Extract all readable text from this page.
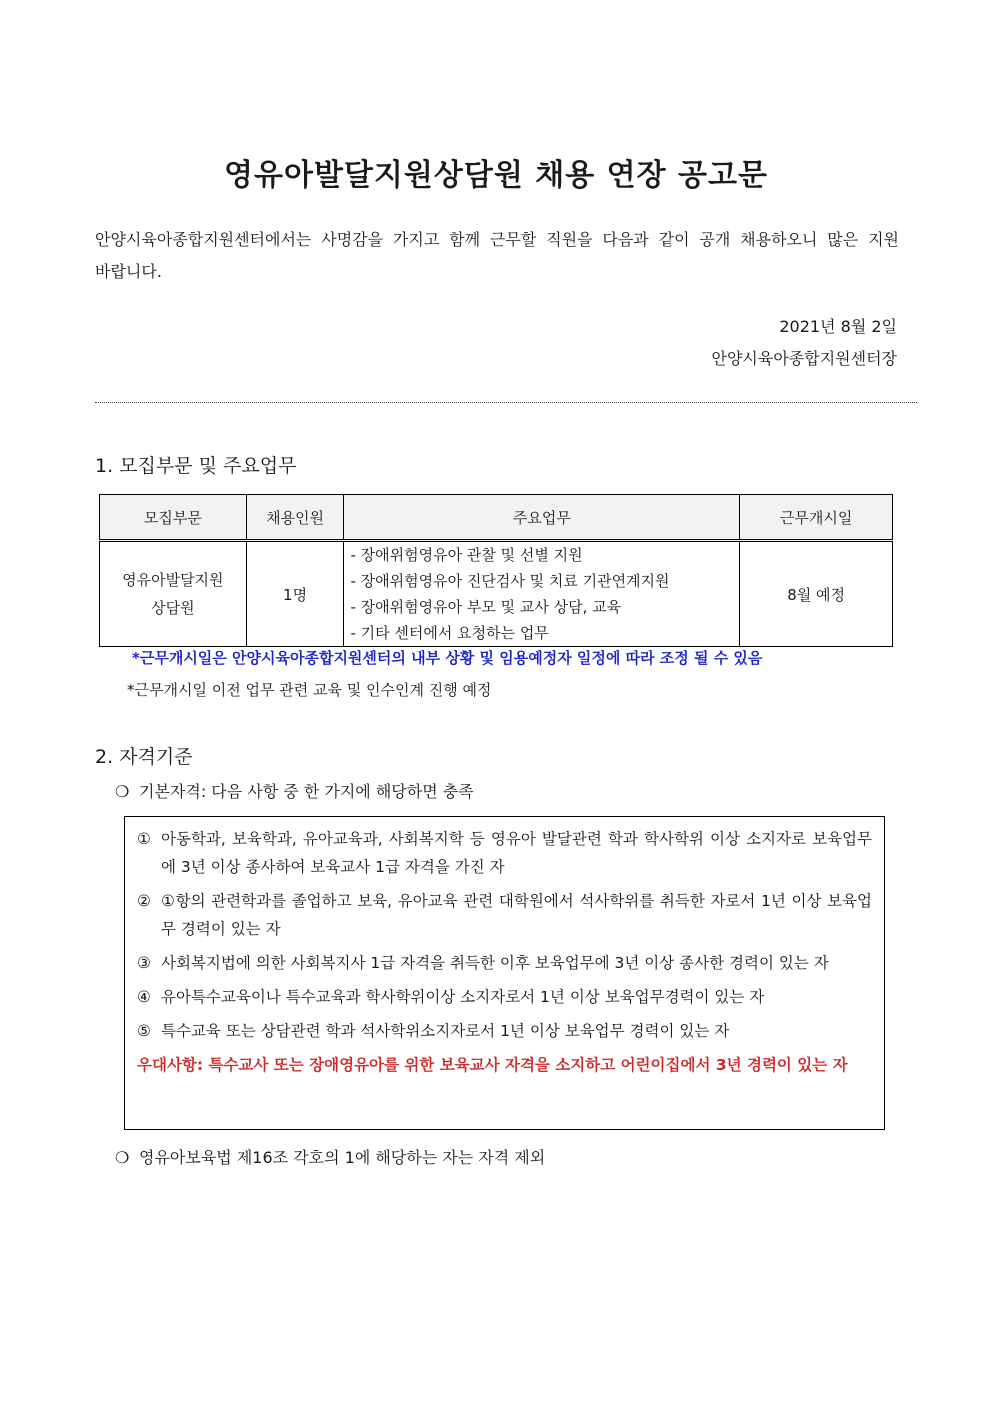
영유아발달지원상담원 채용 연장 공고문
안양시육아종합지원센터에서는 사명감을 가지고 함께 근무할 직원을 다음과 같이 공개 채용하오니 많은 지원 바랍니다.
2021년 8월 2일
안양시육아종합지원센터장
1. 모집부문 및 주요업무
모집부문	채용인원	주요업무	근무개시일
영유아발달지원
상담원	1명	- 장애위험영유아 관찰 및 선별 지원
- 장애위험영유아 진단검사 및 치료 기관연계지원
- 장애위험영유아 부모 및 교사 상담, 교육
- 기타 센터에서 요청하는 업무	8월 예정
*근무개시일은 안양시육아종합지원센터의 내부 상황 및 임용예정자 일정에 따라 조정 될 수 있음
*근무개시일 이전 업무 관련 교육 및 인수인계 진행 예정
2. 자격기준
❍ 기본자격: 다음 사항 중 한 가지에 해당하면 충족
① 아동학과, 보육학과, 유아교육과, 사회복지학 등 영유아 발달관련 학과 학사학위 이상 소지자로 보육업무에 3년 이상 종사하여 보육교사 1급 자격을 가진 자
② ①항의 관련학과를 졸업하고 보육, 유아교육 관련 대학원에서 석사학위를 취득한 자로서 1년 이상 보육업무 경력이 있는 자
③ 사회복지법에 의한 사회복지사 1급 자격을 취득한 이후 보육업무에 3년 이상 종사한 경력이 있는 자
④ 유아특수교육이나 특수교육과 학사학위이상 소지자로서 1년 이상 보육업무경력이 있는 자
⑤ 특수교육 또는 상담관련 학과 석사학위소지자로서 1년 이상 보육업무 경력이 있는 자
우대사항: 특수교사 또는 장애영유아를 위한 보육교사 자격을 소지하고 어린이집에서 3년 경력이 있는 자
❍ 영유아보육법 제16조 각호의 1에 해당하는 자는 자격 제외
